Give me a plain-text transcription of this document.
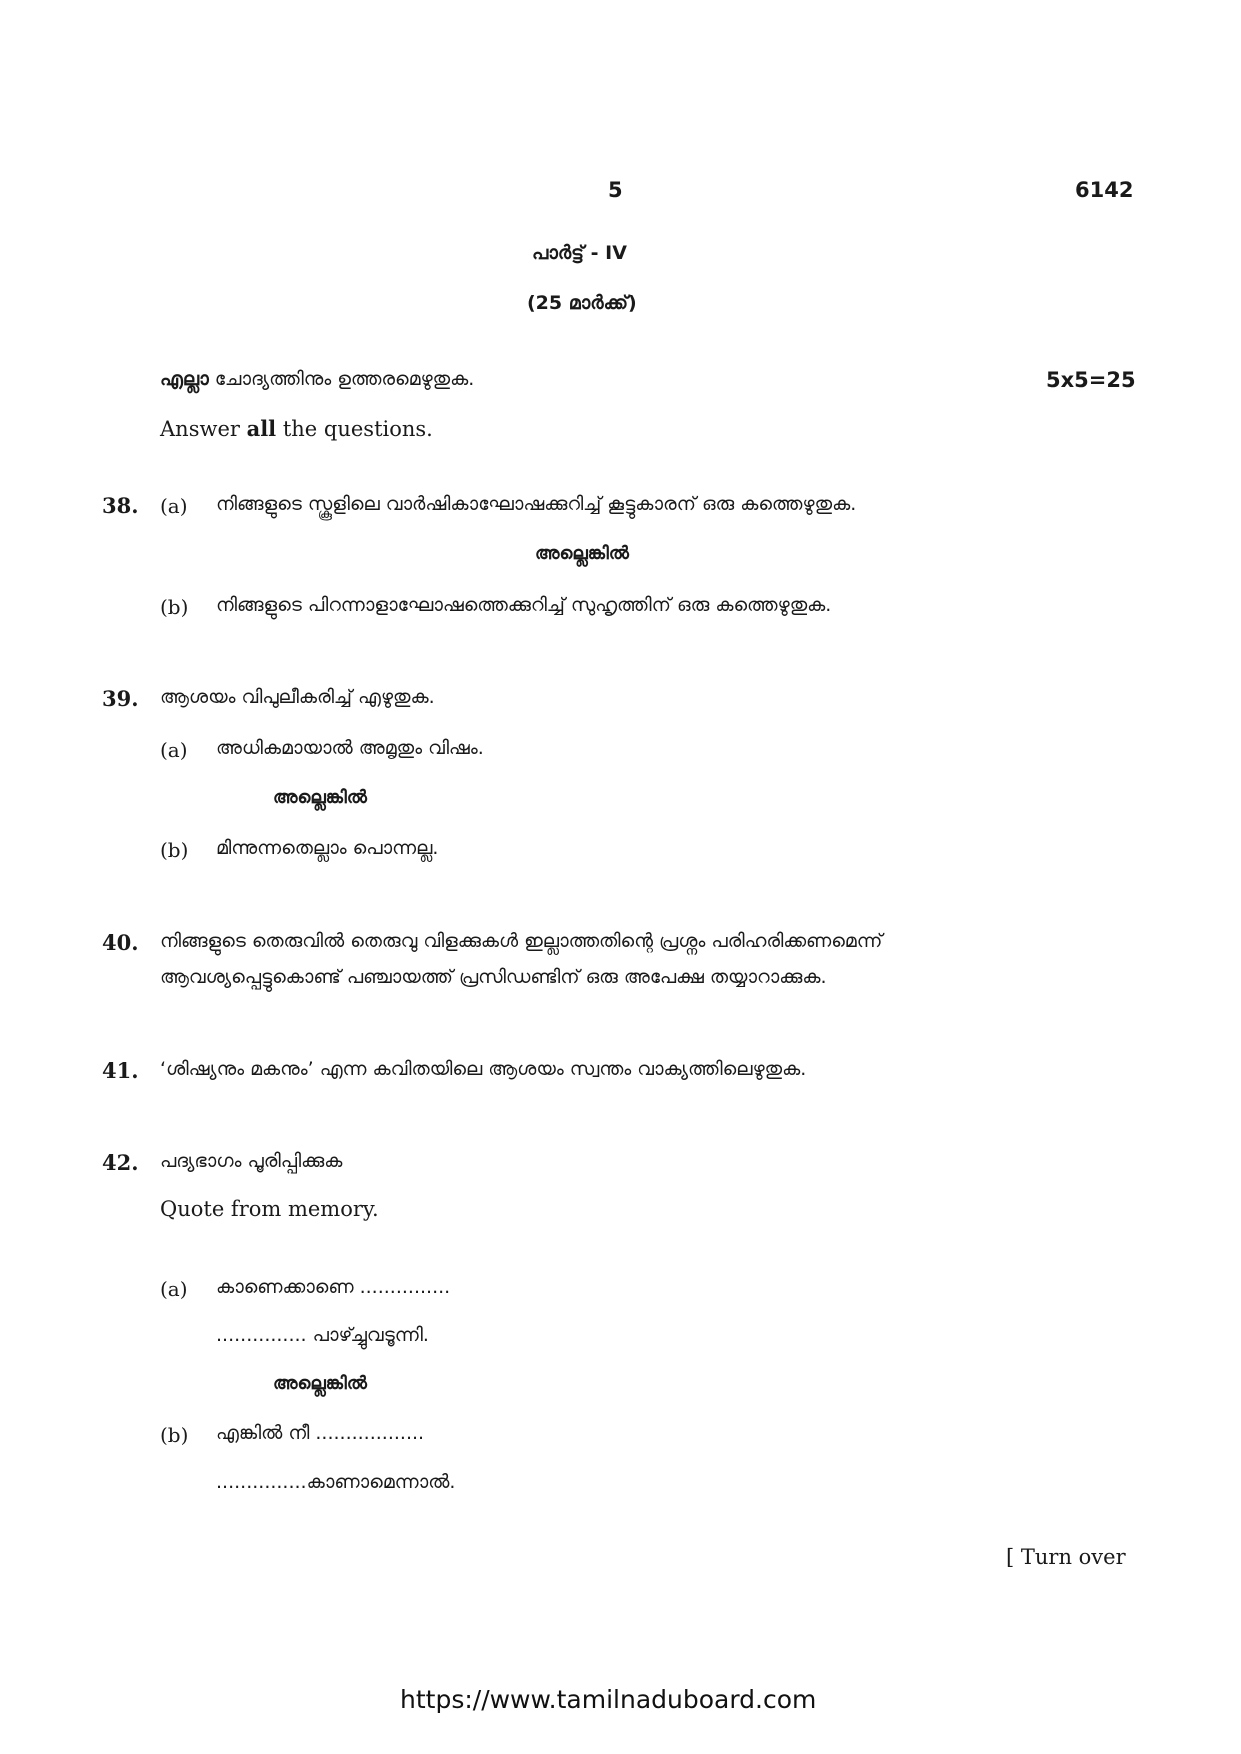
5	6142
പാർട്ട് - IV
(25 മാർക്ക്)
എല്ലാ ചോദ്യത്തിനും ഉത്തരമെഴുതുക.	5x5=25
Answer all the questions.
38. (a) നിങ്ങളുടെ സ്കൂളിലെ വാർഷികാഘോഷക്കുറിച്ച് കൂട്ടുകാരന് ഒരു കത്തെഴുതുക.
അല്ലെങ്കിൽ
(b) നിങ്ങളുടെ പിറന്നാളാഘോഷത്തെക്കുറിച്ച് സുഹൃത്തിന് ഒരു കത്തെഴുതുക.
39. ആശയം വിപുലീകരിച്ച് എഴുതുക.
(a) അധികമായാൽ അമൃതും വിഷം.
അല്ലെങ്കിൽ
(b) മിന്നുന്നതെല്ലാം പൊന്നല്ല.
40. നിങ്ങളുടെ തെരുവിൽ തെരുവു വിളക്കുകൾ ഇല്ലാത്തതിന്റെ പ്രശ്നം പരിഹരിക്കണമെന്ന്
ആവശ്യപ്പെട്ടുകൊണ്ട് പഞ്ചായത്ത് പ്രസിഡണ്ടിന് ഒരു അപേക്ഷ തയ്യാറാക്കുക.
41. ‘ശിഷ്യനും മകനും’ എന്ന കവിതയിലെ ആശയം സ്വന്തം വാക്യത്തിലെഴുതുക.
42. പദ്യഭാഗം പൂരിപ്പിക്കുക
Quote from memory.
(a) കാണെക്കാണെ ...............
............... പാഴ്ച്ചുവടൂന്നി.
അല്ലെങ്കിൽ
(b) എങ്കിൽ നീ ..................
...............കാണാമെന്നാൽ.
[ Turn over
https://www.tamilnaduboard.com
